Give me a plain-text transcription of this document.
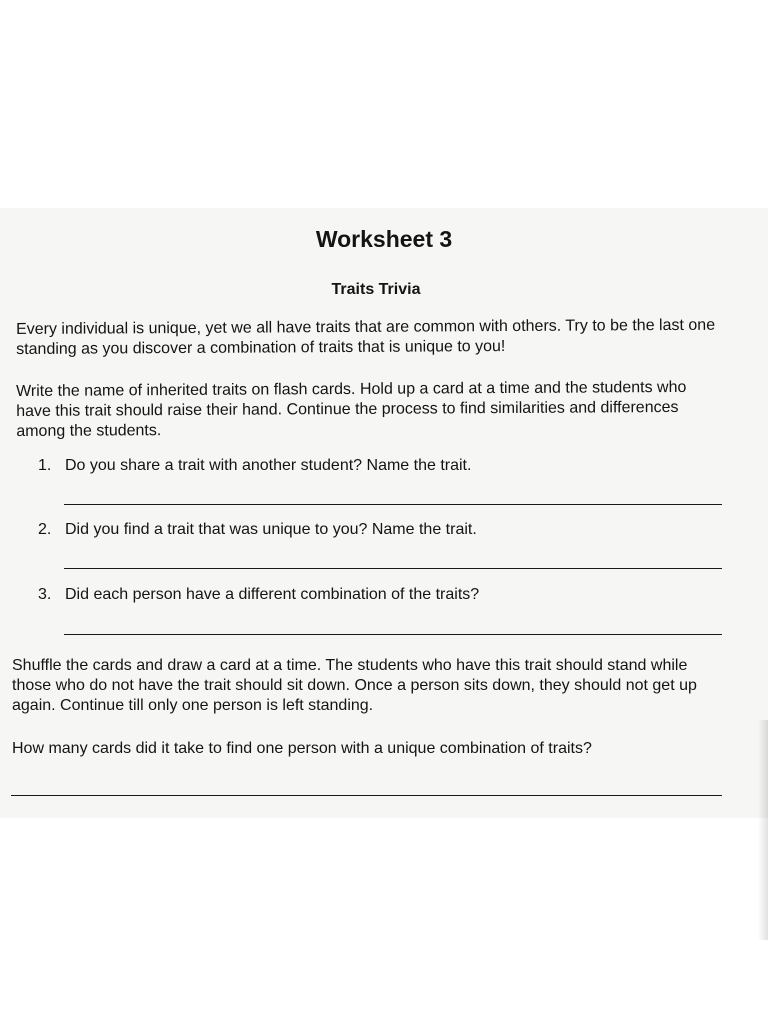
Worksheet 3
Traits Trivia

Every individual is unique, yet we all have traits that are common with others. Try to be the last one standing as you discover a combination of traits that is unique to you!

Write the name of inherited traits on flash cards. Hold up a card at a time and the students who have this trait should raise their hand. Continue the process to find similarities and differences among the students.

1. Do you share a trait with another student? Name the trait.
2. Did you find a trait that was unique to you? Name the trait.
3. Did each person have a different combination of the traits?

Shuffle the cards and draw a card at a time. The students who have this trait should stand while those who do not have the trait should sit down. Once a person sits down, they should not get up again. Continue till only one person is left standing.

How many cards did it take to find one person with a unique combination of traits?
